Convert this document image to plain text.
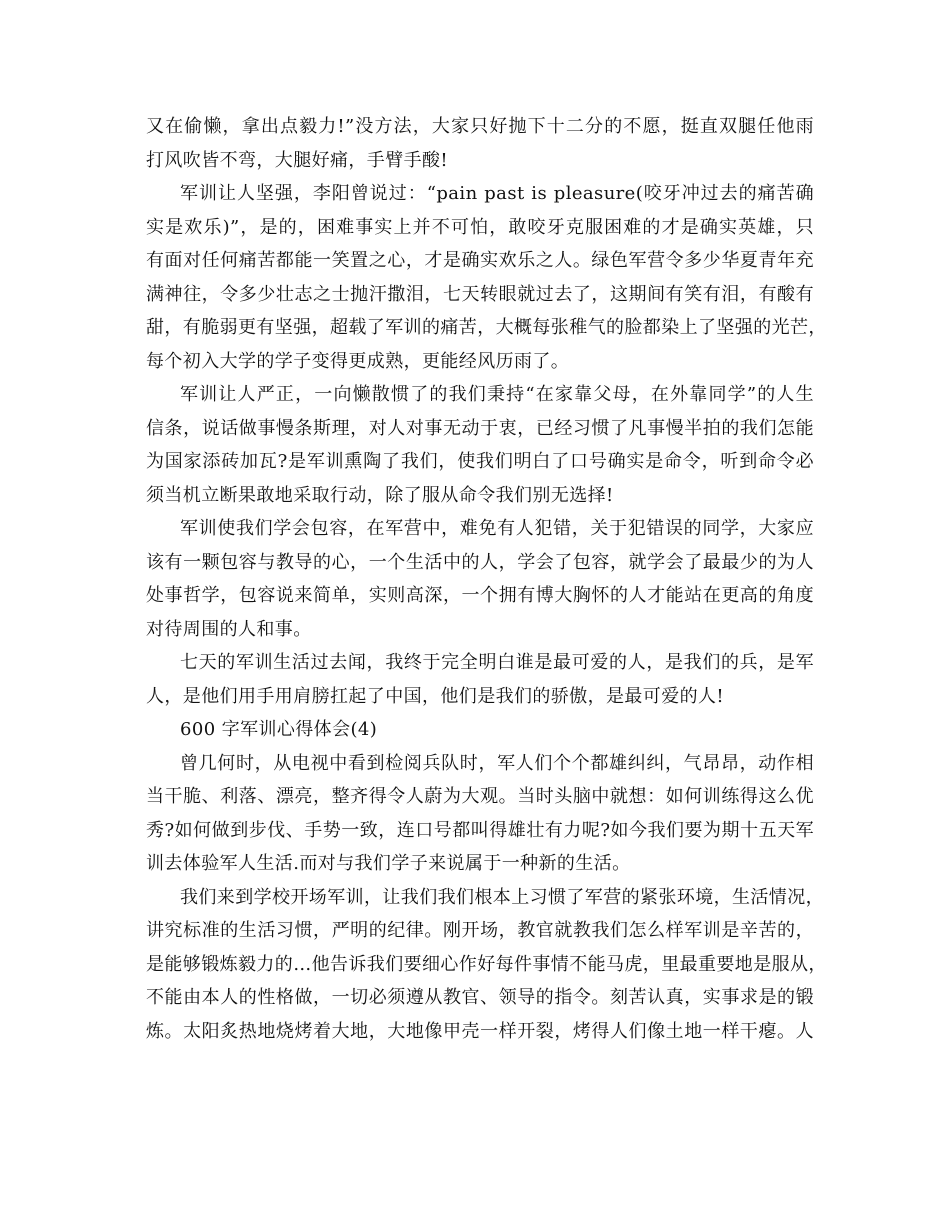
又在偷懒，拿出点毅力!”没方法，大家只好抛下十二分的不愿，挺直双腿任他雨
打风吹皆不弯，大腿好痛，手臂手酸!
军训让人坚强，李阳曾说过：“pain past is pleasure(咬牙冲过去的痛苦确
实是欢乐)”，是的，困难事实上并不可怕，敢咬牙克服困难的才是确实英雄，只
有面对任何痛苦都能一笑置之心，才是确实欢乐之人。绿色军营令多少华夏青年充
满神往，令多少壮志之士抛汗撒泪，七天转眼就过去了，这期间有笑有泪，有酸有
甜，有脆弱更有坚强，超载了军训的痛苦，大概每张稚气的脸都染上了坚强的光芒，
每个初入大学的学子变得更成熟，更能经风历雨了。
军训让人严正，一向懒散惯了的我们秉持“在家靠父母，在外靠同学”的人生
信条，说话做事慢条斯理，对人对事无动于衷，已经习惯了凡事慢半拍的我们怎能
为国家添砖加瓦?是军训熏陶了我们，使我们明白了口号确实是命令，听到命令必
须当机立断果敢地采取行动，除了服从命令我们别无选择!
军训使我们学会包容，在军营中，难免有人犯错，关于犯错误的同学，大家应
该有一颗包容与教导的心，一个生活中的人，学会了包容，就学会了最最少的为人
处事哲学，包容说来简单，实则高深，一个拥有博大胸怀的人才能站在更高的角度
对待周围的人和事。
七天的军训生活过去闻，我终于完全明白谁是最可爱的人，是我们的兵，是军
人，是他们用手用肩膀扛起了中国，他们是我们的骄傲，是最可爱的人!
600 字军训心得体会(4)
曾几何时，从电视中看到检阅兵队时，军人们个个都雄纠纠，气昂昂，动作相
当干脆、利落、漂亮，整齐得令人蔚为大观。当时头脑中就想：如何训练得这么优
秀?如何做到步伐、手势一致，连口号都叫得雄壮有力呢?如今我们要为期十五天军
训去体验军人生活.而对与我们学子来说属于一种新的生活。
我们来到学校开场军训，让我们我们根本上习惯了军营的紧张环境，生活情况，
讲究标准的生活习惯，严明的纪律。刚开场，教官就教我们怎么样军训是辛苦的，
是能够锻炼毅力的…他告诉我们要细心作好每件事情不能马虎，里最重要地是服从，
不能由本人的性格做，一切必须遵从教官、领导的指令。刻苦认真，实事求是的锻
炼。太阳炙热地烧烤着大地，大地像甲壳一样开裂，烤得人们像土地一样干瘪。人
